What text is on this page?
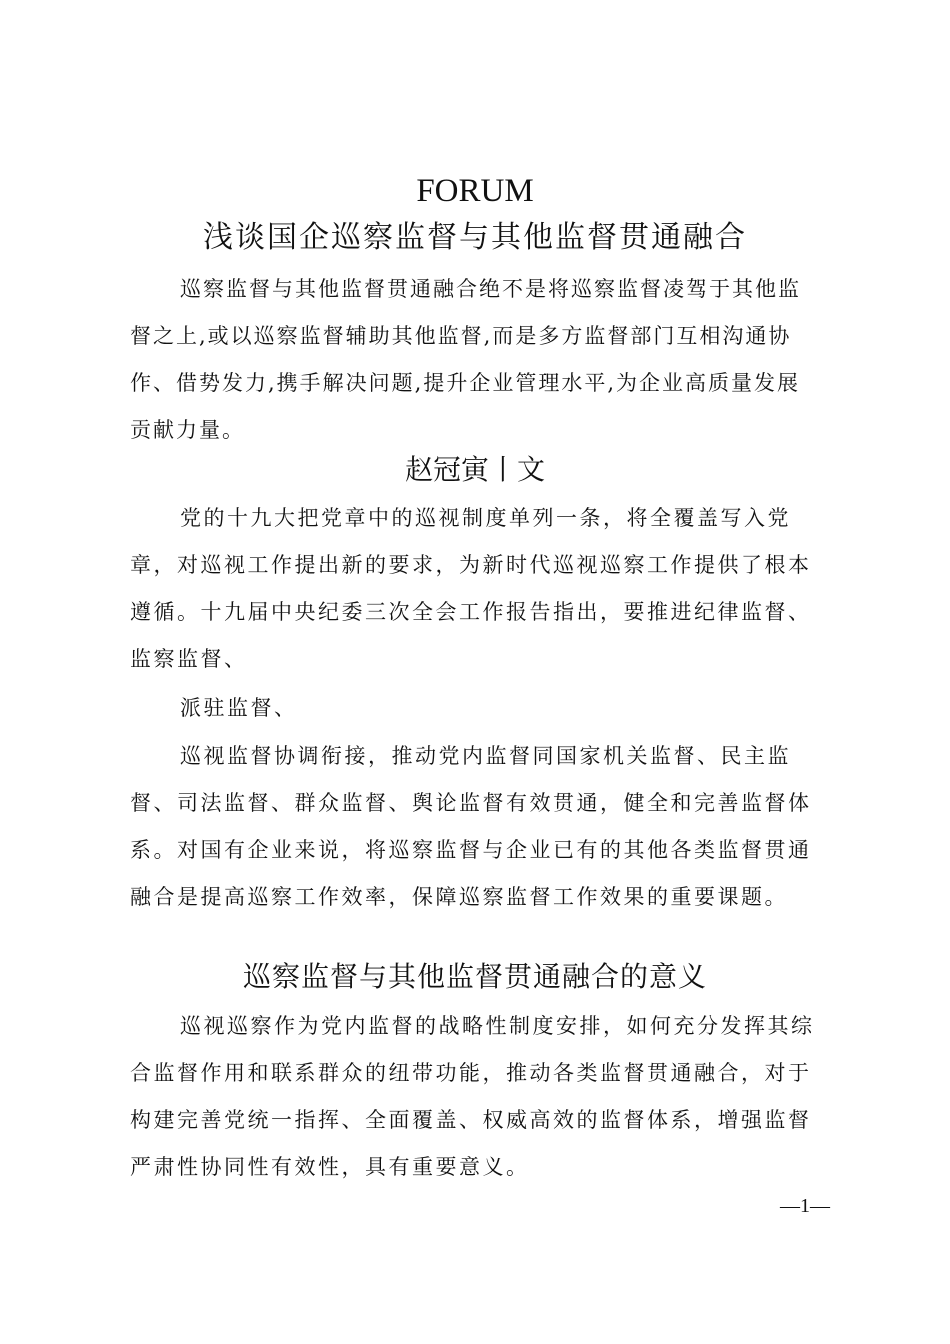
FORUM
浅谈国企巡察监督与其他监督贯通融合

巡察监督与其他监督贯通融合绝不是将巡察监督凌驾于其他监督之上,或以巡察监督辅助其他监督,而是多方监督部门互相沟通协作、借势发力,携手解决问题,提升企业管理水平,为企业高质量发展贡献力量。

赵冠寅丨文

党的十九大把党章中的巡视制度单列一条，将全覆盖写入党章，对巡视工作提出新的要求，为新时代巡视巡察工作提供了根本遵循。十九届中央纪委三次全会工作报告指出，要推进纪律监督、监察监督、

派驻监督、

巡视监督协调衔接，推动党内监督同国家机关监督、民主监督、司法监督、群众监督、舆论监督有效贯通，健全和完善监督体系。对国有企业来说，将巡察监督与企业已有的其他各类监督贯通融合是提高巡察工作效率，保障巡察监督工作效果的重要课题。

巡察监督与其他监督贯通融合的意义

巡视巡察作为党内监督的战略性制度安排，如何充分发挥其综合监督作用和联系群众的纽带功能，推动各类监督贯通融合，对于构建完善党统一指挥、全面覆盖、权威高效的监督体系，增强监督严肃性协同性有效性，具有重要意义。

—1—
